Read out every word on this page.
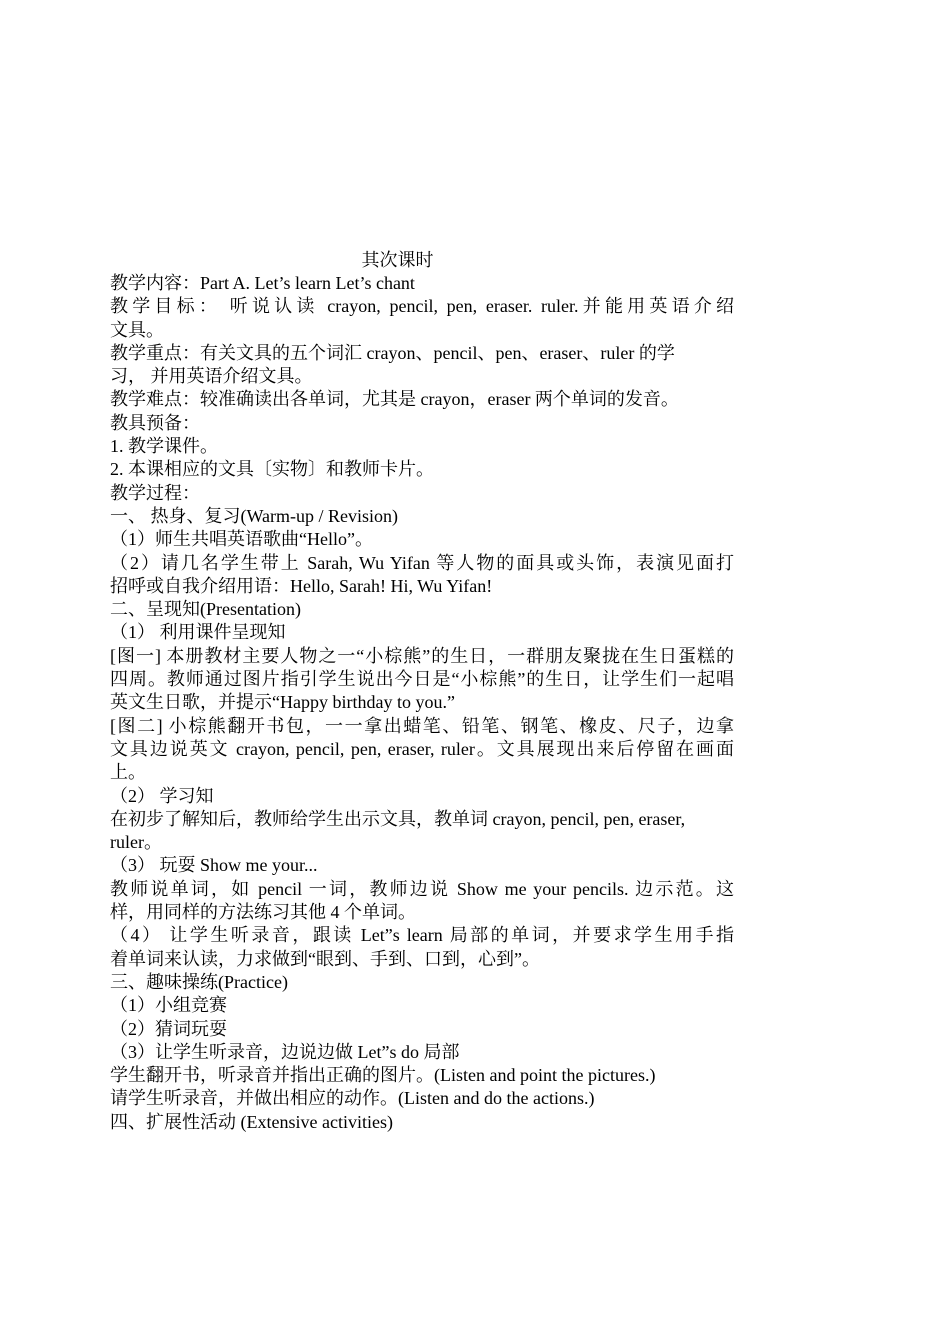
其次课时
教学内容：Part A. Let’s learn Let’s chant
教学目标： 听说认读 crayon, pencil, pen, eraser. ruler.并能用英语介绍
文具。
教学重点：有关文具的五个词汇 crayon、pencil、pen、eraser、ruler 的学
习， 并用英语介绍文具。
教学难点：较准确读出各单词，尤其是 crayon，eraser 两个单词的发音。
教具预备：
1. 教学课件。
2. 本课相应的文具〔实物〕和教师卡片。
教学过程：
一、 热身、复习(Warm-up / Revision)
（1）师生共唱英语歌曲“Hello”。
（2）请几名学生带上 Sarah, Wu Yifan 等人物的面具或头饰，表演见面打
招呼或自我介绍用语：Hello, Sarah! Hi, Wu Yifan!
二、呈现知(Presentation)
（1） 利用课件呈现知
[图一] 本册教材主要人物之一“小棕熊”的生日，一群朋友聚拢在生日蛋糕的
四周。教师通过图片指引学生说出今日是“小棕熊”的生日，让学生们一起唱
英文生日歌，并提示“Happy birthday to you.”
[图二] 小棕熊翻开书包，一一拿出蜡笔、铅笔、钢笔、橡皮、尺子，边拿
文具边说英文 crayon, pencil, pen, eraser, ruler。文具展现出来后停留在画面
上。
（2） 学习知
在初步了解知后，教师给学生出示文具，教单词 crayon, pencil, pen, eraser,
ruler。
（3） 玩耍 Show me your...
教师说单词，如 pencil 一词，教师边说 Show me your pencils. 边示范。这
样，用同样的方法练习其他 4 个单词。
（4） 让学生听录音，跟读 Let”s learn 局部的单词，并要求学生用手指
着单词来认读，力求做到“眼到、手到、口到，心到”。
三、趣味操练(Practice)
（1）小组竞赛
（2）猜词玩耍
（3）让学生听录音，边说边做 Let”s do 局部
学生翻开书，听录音并指出正确的图片。(Listen and point the pictures.)
请学生听录音，并做出相应的动作。(Listen and do the actions.)
四、扩展性活动 (Extensive activities)
